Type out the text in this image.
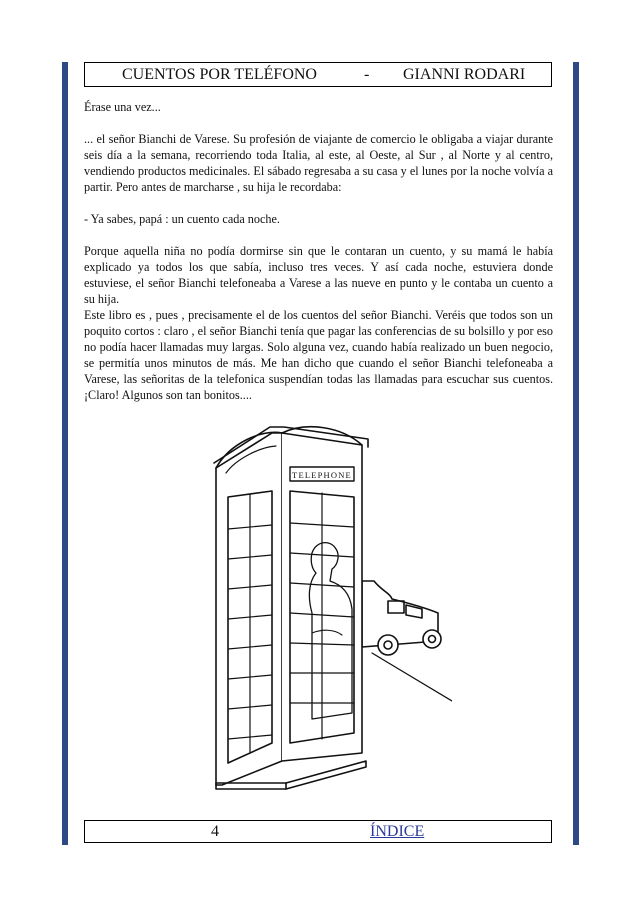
CUENTOS POR TELÉFONO	- GIANNI RODARI

Érase una vez...

... el señor Bianchi de Varese. Su profesión de viajante de comercio le obligaba a viajar durante seis día a la semana, recorriendo toda Italia, al este, al Oeste, al Sur , al Norte y al centro, vendiendo productos medicinales. El sábado regresaba a su casa y el lunes por la noche volvía a partir. Pero antes de marcharse , su hija le recordaba:

- Ya sabes, papá : un cuento cada noche.

Porque aquella niña no podía dormirse sin que le contaran un cuento, y su mamá le había explicado ya todos los que sabía, incluso tres veces. Y así cada noche, estuviera donde estuviese, el señor Bianchi telefoneaba a Varese a las nueve en punto y le contaba un cuento a su hija.

Este libro es , pues , precisamente el de los cuentos del señor Bianchi. Veréis que todos son un poquito cortos : claro , el señor Bianchi tenía que pagar las conferencias de su bolsillo y por eso no podía hacer llamadas muy largas. Solo alguna vez, cuando había realizado un buen negocio, se permitía unos minutos de más. Me han dicho que cuando el señor Bianchi telefoneaba a Varese, las señoritas de la telefonica suspendían todas las llamadas para escuchar sus cuentos. ¡Claro! Algunos son tan bonitos....

TELEPHONE
4	ÍNDICE
